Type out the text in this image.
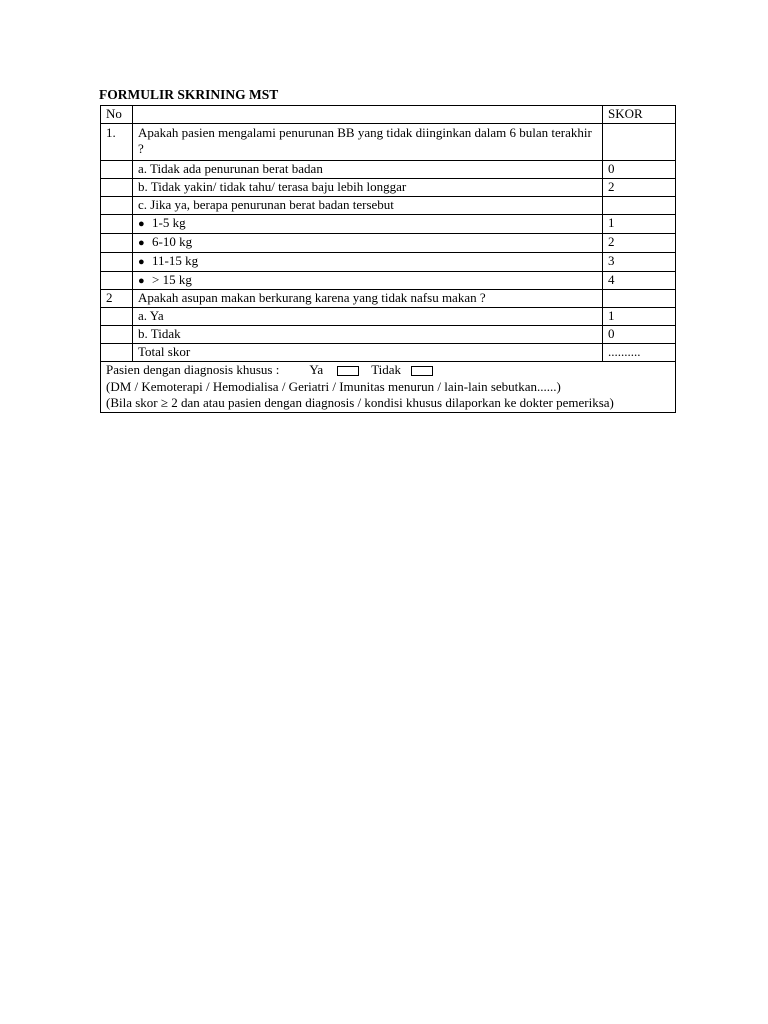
FORMULIR SKRINING MST
No		SKOR
1.	Apakah pasien mengalami penurunan BB yang tidak diinginkan dalam 6 bulan terakhir ?	
	a. Tidak ada penurunan berat badan	0
	b. Tidak yakin/ tidak tahu/ terasa baju lebih longgar	2
	c. Jika ya, berapa penurunan berat badan tersebut	
	● 1-5 kg	1
	● 6-10 kg	2
	● 11-15 kg	3
	● > 15 kg	4
2	Apakah asupan makan berkurang karena yang tidak nafsu makan ?	
	a. Ya	1
	b. Tidak	0
	Total skor	..........

Pasien dengan diagnosis khusus : Ya Tidak
(DM / Kemoterapi / Hemodialisa / Geriatri / Imunitas menurun / lain-lain sebutkan......)
(Bila skor ≥ 2 dan atau pasien dengan diagnosis / kondisi khusus dilaporkan ke dokter pemeriksa)		
